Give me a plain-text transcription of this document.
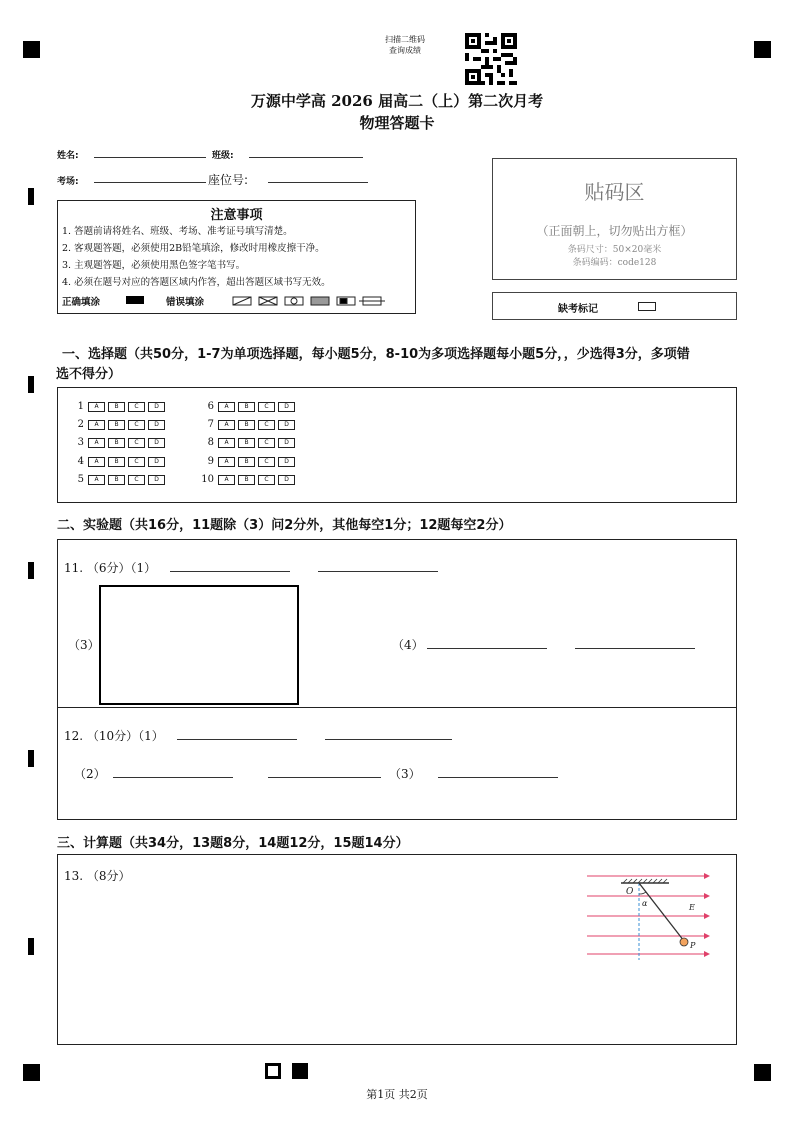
扫描二维码
查询成绩
万源中学高 2026 届高二（上）第二次月考
物理答题卡
姓名:	班级:
考场:	座位号:	贴码区
（正面朝上，切勿贴出方框）
条码尺寸：50×20毫米
条码编码：code128
缺考标记
注意事项
1. 答题前请将姓名、班级、考场、准考证号填写清楚。
2. 客观题答题，必须使用2B铅笔填涂，修改时用橡皮擦干净。
3. 主观题答题，必须使用黑色签字笔书写。
4. 必须在题号对应的答题区域内作答，超出答题区域书写无效。
正确填涂	错误填涂
一、选择题（共50分，1-7为单项选择题，每小题5分，8-10为多项选择题每小题5分，，少选得3分，多项错
选不得分）
1 A	B	C	D
2 A	B	C	D
3 A	B	C	D
4 A	B	C	D
5 A	B	C	D
6 A	B	C	D
7 A	B	C	D
8 A	B	C	D
9 A	B	C	D
10 A	B	C	D
二、实验题（共16分，11题除（3）问2分外，其他每空1分；12题每空2分）
11. （6分）（1）
（3）	（4）
12. （10分）（1）
（2）	（3）
三、计算题（共34分，13题8分，14题12分，15题14分）
13. （8分）
O
α	E
P
第1页 共2页
